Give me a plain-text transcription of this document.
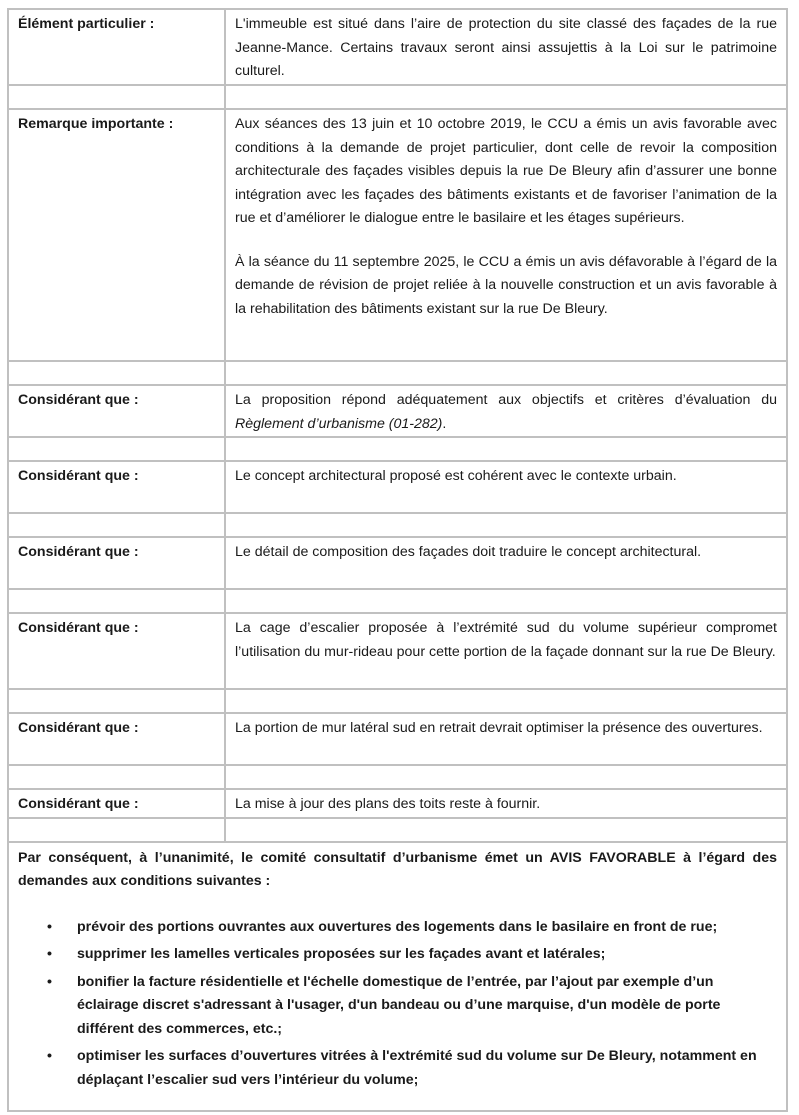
Élément particulier :	L'immeuble est situé dans l’aire de protection du site classé des façades de la rue Jeanne-Mance. Certains travaux seront ainsi assujettis à la Loi sur le patrimoine culturel.

Remarque importante :	Aux séances des 13 juin et 10 octobre 2019, le CCU a émis un avis favorable avec conditions à la demande de projet particulier, dont celle de revoir la composition architecturale des façades visibles depuis la rue De Bleury afin d’assurer une bonne intégration avec les façades des bâtiments existants et de favoriser l’animation de la rue et d’améliorer le dialogue entre le basilaire et les étages supérieurs.

À la séance du 11 septembre 2025, le CCU a émis un avis défavorable à l’égard de la demande de révision de projet reliée à la nouvelle construction et un avis favorable à la rehabilitation des bâtiments existant sur la rue De Bleury.

Considérant que :	La proposition répond adéquatement aux objectifs et critères d’évaluation du Règlement d’urbanisme (01-282).

Considérant que :	Le concept architectural proposé est cohérent avec le contexte urbain.

Considérant que :	Le détail de composition des façades doit traduire le concept architectural.

Considérant que :	La cage d’escalier proposée à l’extrémité sud du volume supérieur compromet l’utilisation du mur-rideau pour cette portion de la façade donnant sur la rue De Bleury.

Considérant que :	La portion de mur latéral sud en retrait devrait optimiser la présence des ouvertures.

Considérant que :	La mise à jour des plans des toits reste à fournir.

Par conséquent, à l’unanimité, le comité consultatif d’urbanisme émet un AVIS FAVORABLE à l’égard des demandes aux conditions suivantes :

• prévoir des portions ouvrantes aux ouvertures des logements dans le basilaire en front de rue;
• supprimer les lamelles verticales proposées sur les façades avant et latérales;
• bonifier la facture résidentielle et l'échelle domestique de l’entrée, par l’ajout par exemple d’un éclairage discret s'adressant à l'usager, d'un bandeau ou d’une marquise, d'un modèle de porte différent des commerces, etc.;
• optimiser les surfaces d’ouvertures vitrées à l'extrémité sud du volume sur De Bleury, notamment en déplaçant l’escalier sud vers l’intérieur du volume;
